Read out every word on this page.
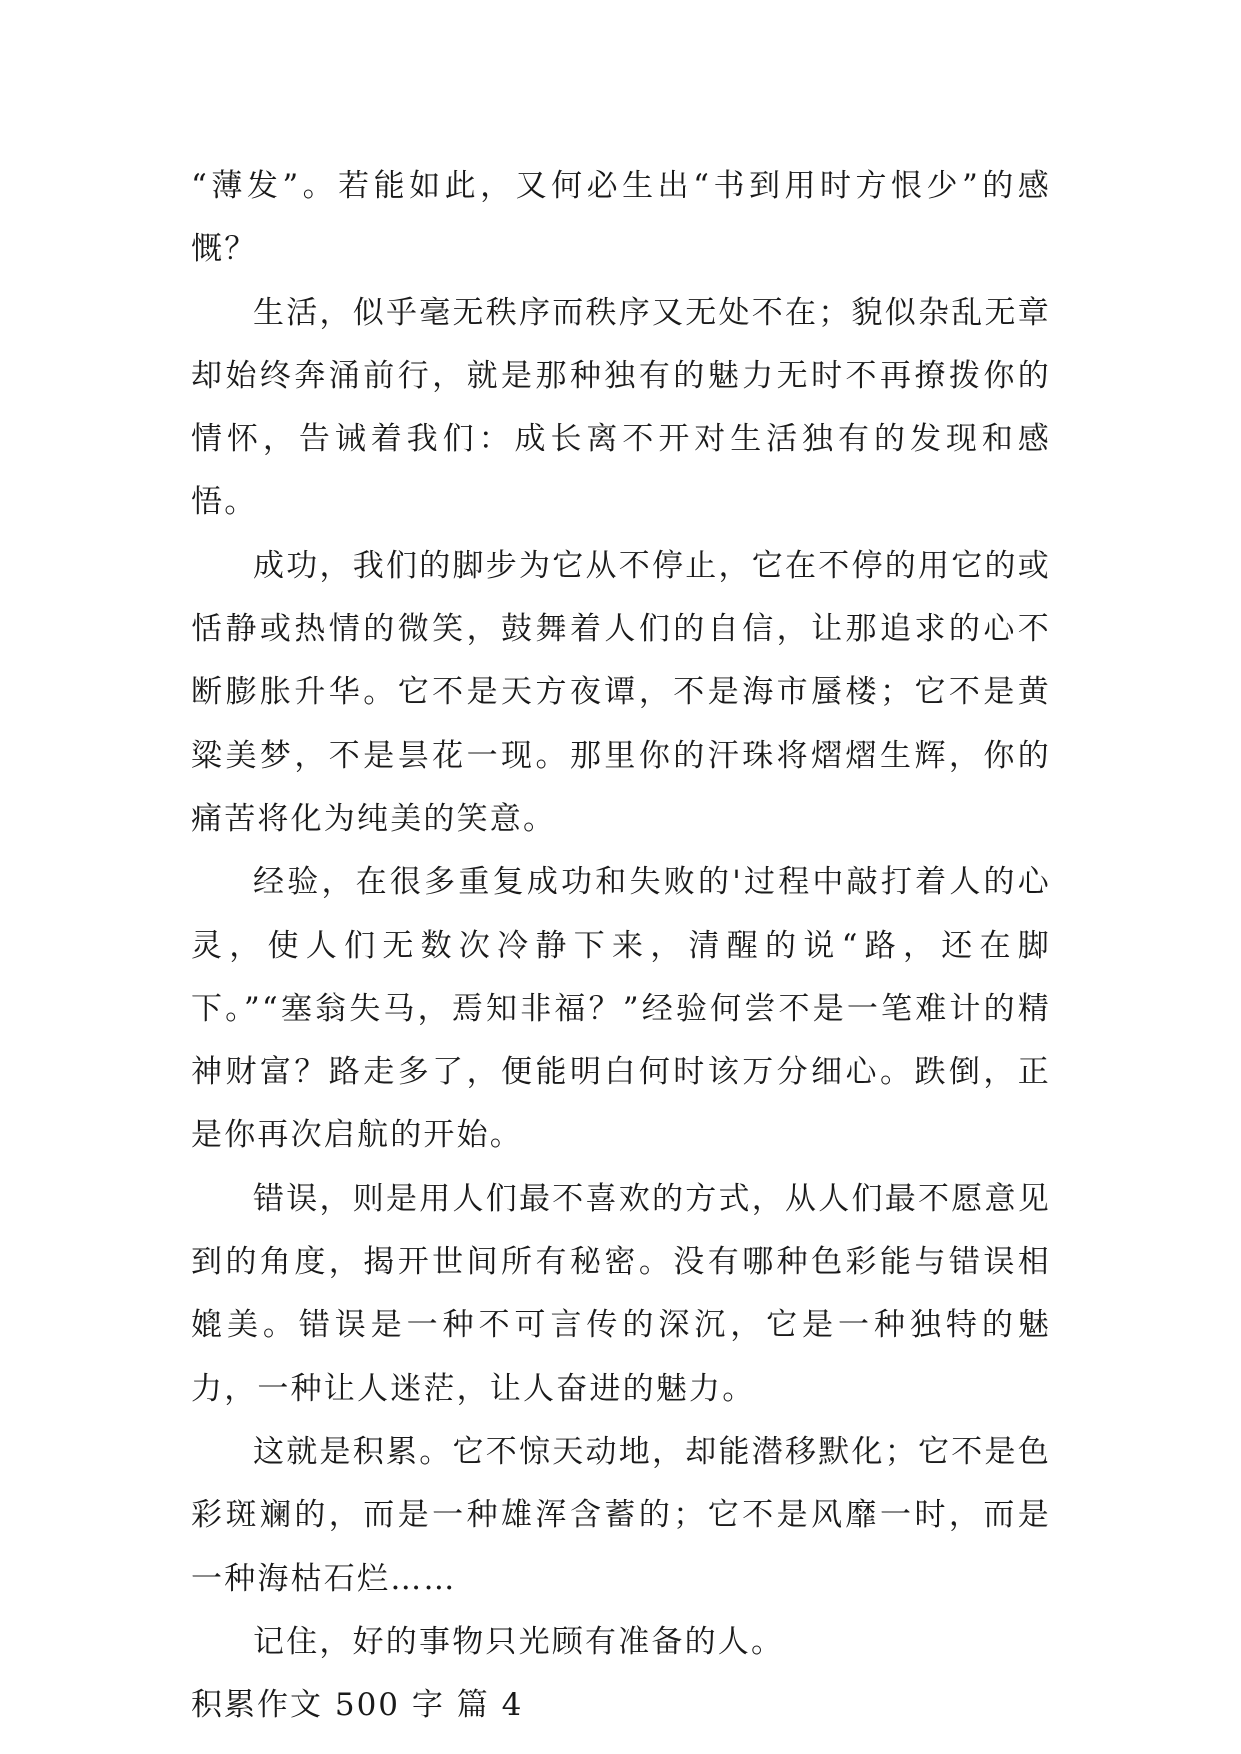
“薄发”。若能如此，又何必生出“书到用时方恨少”的感慨？

生活，似乎毫无秩序而秩序又无处不在；貌似杂乱无章却始终奔涌前行，就是那种独有的魅力无时不再撩拨你的情怀，告诫着我们：成长离不开对生活独有的发现和感悟。

成功，我们的脚步为它从不停止，它在不停的用它的或恬静或热情的微笑，鼓舞着人们的自信，让那追求的心不断膨胀升华。它不是天方夜谭，不是海市蜃楼；它不是黄粱美梦，不是昙花一现。那里你的汗珠将熠熠生辉，你的痛苦将化为纯美的笑意。

经验，在很多重复成功和失败的'过程中敲打着人的心灵，使人们无数次冷静下来，清醒的说“路，还在脚下。”“塞翁失马，焉知非福？”经验何尝不是一笔难计的精神财富？路走多了，便能明白何时该万分细心。跌倒，正是你再次启航的开始。

错误，则是用人们最不喜欢的方式，从人们最不愿意见到的角度，揭开世间所有秘密。没有哪种色彩能与错误相媲美。错误是一种不可言传的深沉，它是一种独特的魅力，一种让人迷茫，让人奋进的魅力。

这就是积累。它不惊天动地，却能潜移默化；它不是色彩斑斓的，而是一种雄浑含蓄的；它不是风靡一时，而是一种海枯石烂……

记住，好的事物只光顾有准备的人。

积累作文 500 字 篇 4
